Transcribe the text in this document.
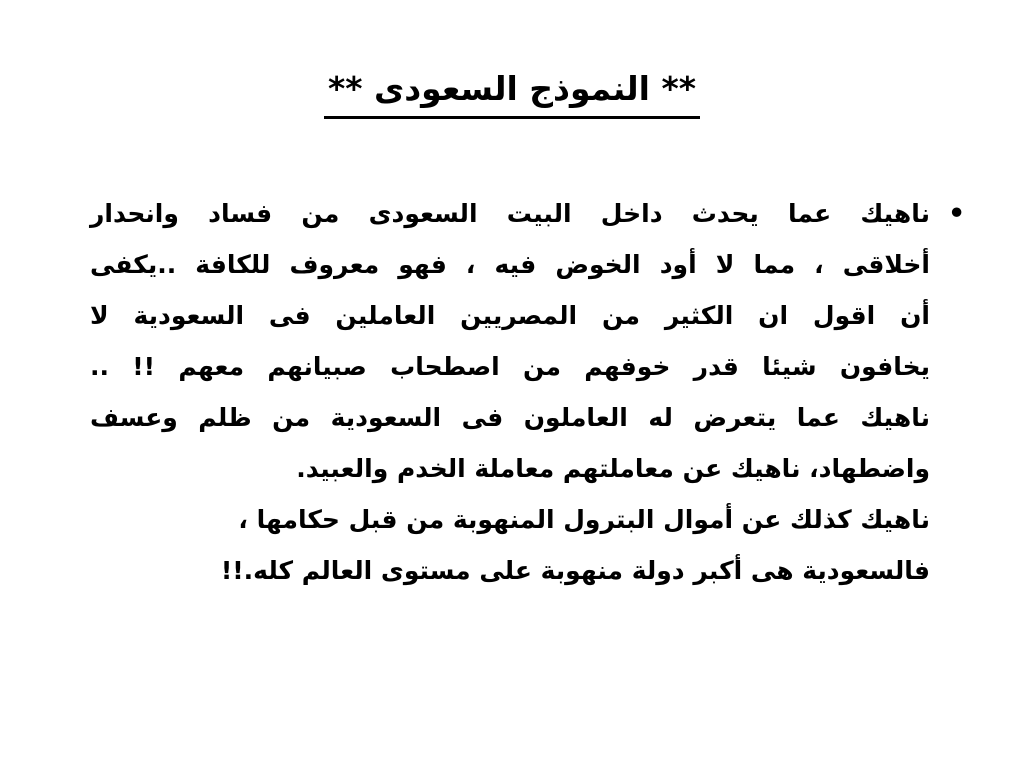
** النموذج السعودى **
•
ناهيك عما يحدث داخل البيت السعودى من فساد وانحدار
أخلاقى ، مما لا أود الخوض فيه ، فهو معروف للكافة ..يكفى
أن اقول ان الكثير من المصريين العاملين فى السعودية لا
يخافون شيئا قدر خوفهم من اصطحاب صبيانهم معهم !! ..
ناهيك عما يتعرض له العاملون فى السعودية من ظلم وعسف
واضطهاد، ناهيك عن معاملتهم معاملة الخدم والعبيد.
ناهيك كذلك عن أموال البترول المنهوبة من قبل حكامها ،
فالسعودية هى أكبر دولة منهوبة على مستوى العالم كله.!!
